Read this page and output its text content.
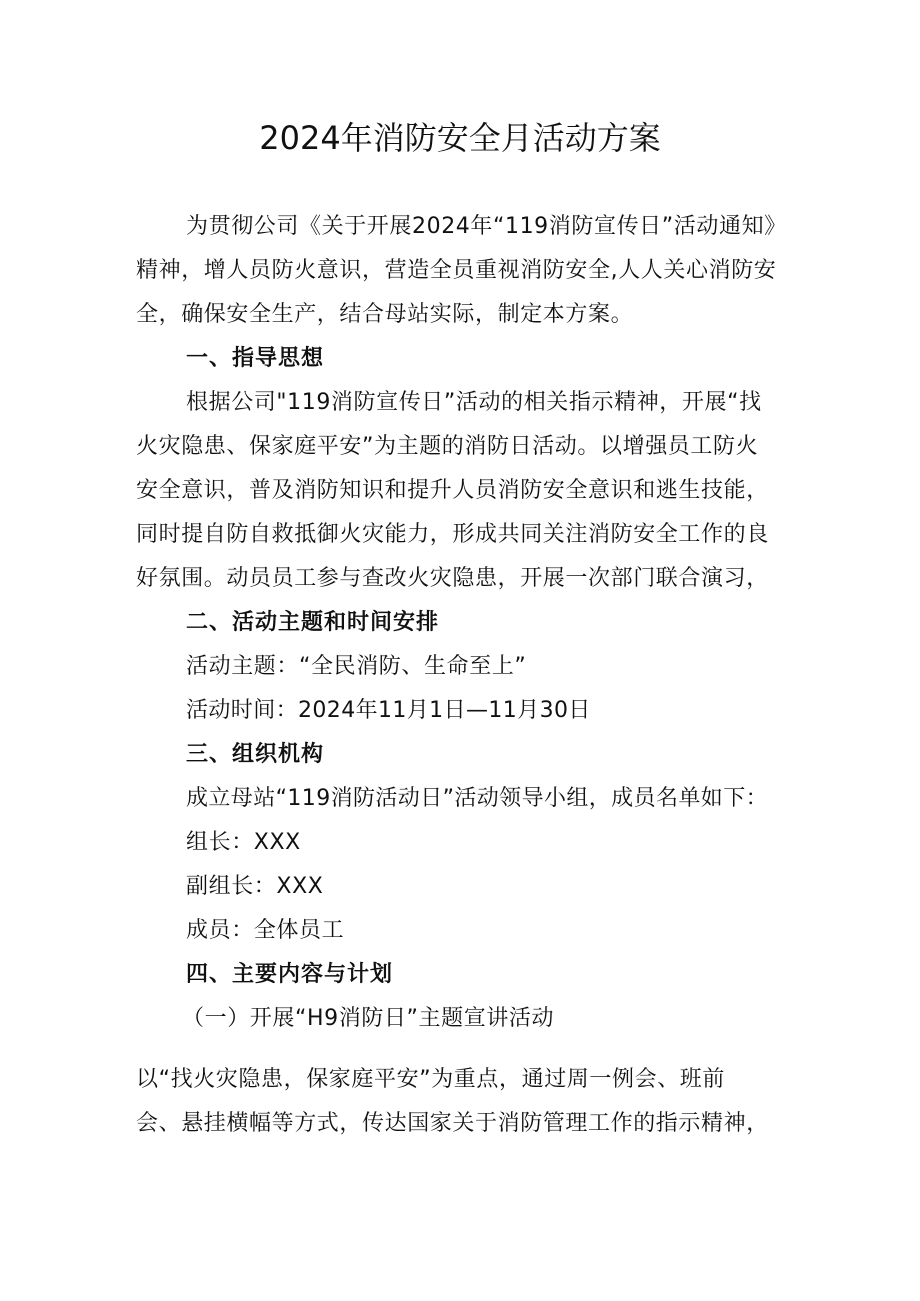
2024年消防安全月活动方案
为贯彻公司《关于开展2024年“119消防宣传日”活动通知》
精神，增人员防火意识，营造全员重视消防安全,人人关心消防安
全，确保安全生产，结合母站实际，制定本方案。
一、指导思想
根据公司"119消防宣传日”活动的相关指示精神，开展“找
火灾隐患、保家庭平安”为主题的消防日活动。以增强员工防火
安全意识，普及消防知识和提升人员消防安全意识和逃生技能，
同时提自防自救抵御火灾能力，形成共同关注消防安全工作的良
好氛围。动员员工参与查改火灾隐患，开展一次部门联合演习，
二、活动主题和时间安排
活动主题：“全民消防、生命至上”
活动时间：2024年11月1日—11月30日
三、组织机构
成立母站“119消防活动日”活动领导小组，成员名单如下：
组长：XXX
副组长：XXX
成员：全体员工
四、主要内容与计划
（一）开展“H9消防日”主题宣讲活动
以“找火灾隐患，保家庭平安”为重点，通过周一例会、班前
会、悬挂横幅等方式，传达国家关于消防管理工作的指示精神，
